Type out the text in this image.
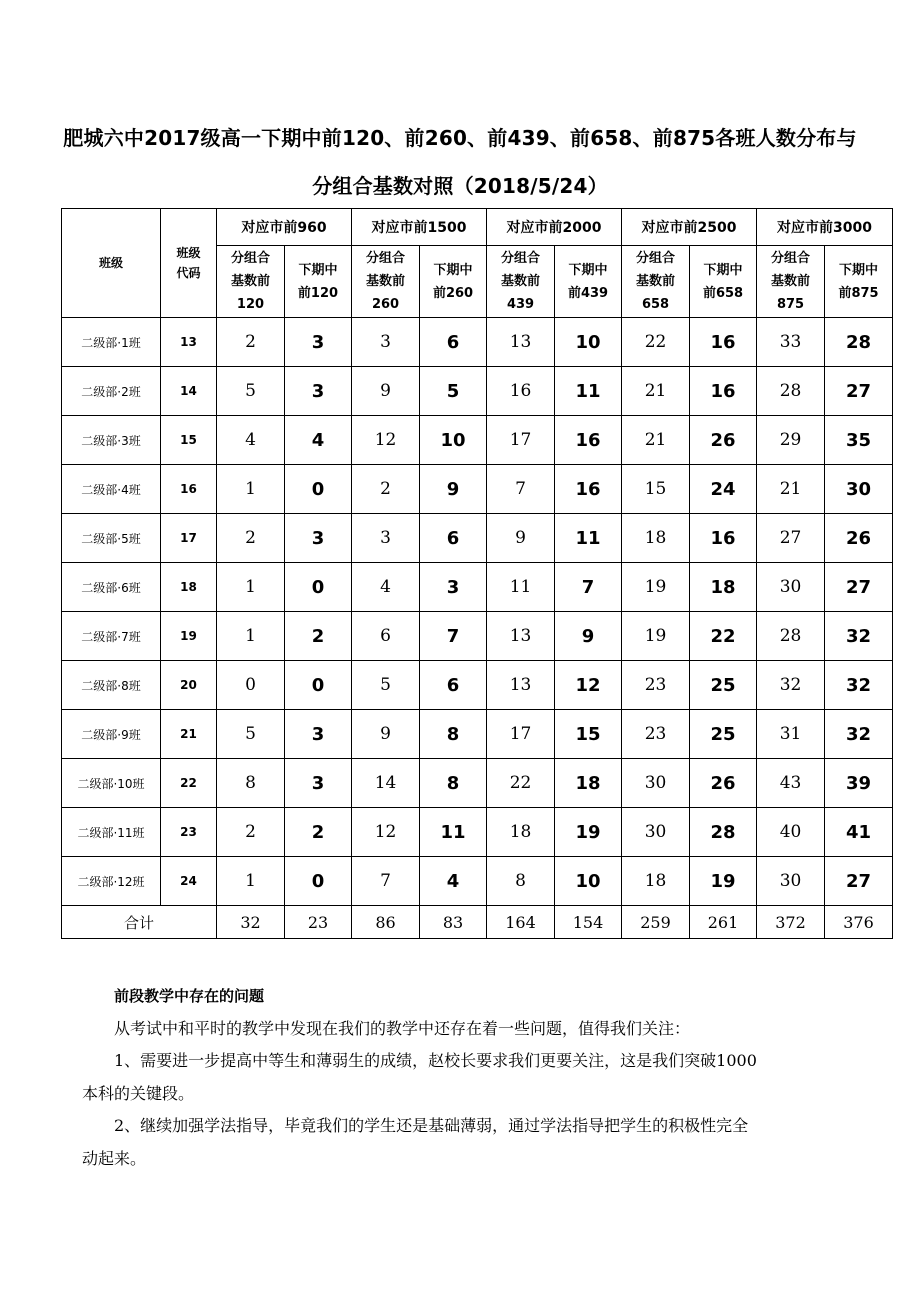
肥城六中2017级高一下期中前120、前260、前439、前658、前875各班人数分布与
分组合基数对照（2018/5/24）
班级	班级代码	对应市前960		对应市前1500		对应市前2000		对应市前2500		对应市前3000	
		分组合基数前120	下期中前120	分组合基数前260	下期中前260	分组合基数前439	下期中前439	分组合基数前658	下期中前658	分组合基数前875	下期中前875
二级部·1班	13	2	3	3	6	13	10	22	16	33	28
二级部·2班	14	5	3	9	5	16	11	21	16	28	27
二级部·3班	15	4	4	12	10	17	16	21	26	29	35
二级部·4班	16	1	0	2	9	7	16	15	24	21	30
二级部·5班	17	2	3	3	6	9	11	18	16	27	26
二级部·6班	18	1	0	4	3	11	7	19	18	30	27
二级部·7班	19	1	2	6	7	13	9	19	22	28	32
二级部·8班	20	0	0	5	6	13	12	23	25	32	32
二级部·9班	21	5	3	9	8	17	15	23	25	31	32
二级部·10班	22	8	3	14	8	22	18	30	26	43	39
二级部·11班	23	2	2	12	11	18	19	30	28	40	41
二级部·12班	24	1	0	7	4	8	10	18	19	30	27
合计		32	23	86	83	164	154	259	261	372	376
前段教学中存在的问题
从考试中和平时的教学中发现在我们的教学中还存在着一些问题，值得我们关注：
1、需要进一步提高中等生和薄弱生的成绩，赵校长要求我们更要关注，这是我们突破1000
本科的关键段。
2、继续加强学法指导，毕竟我们的学生还是基础薄弱，通过学法指导把学生的积极性完全
动起来。
